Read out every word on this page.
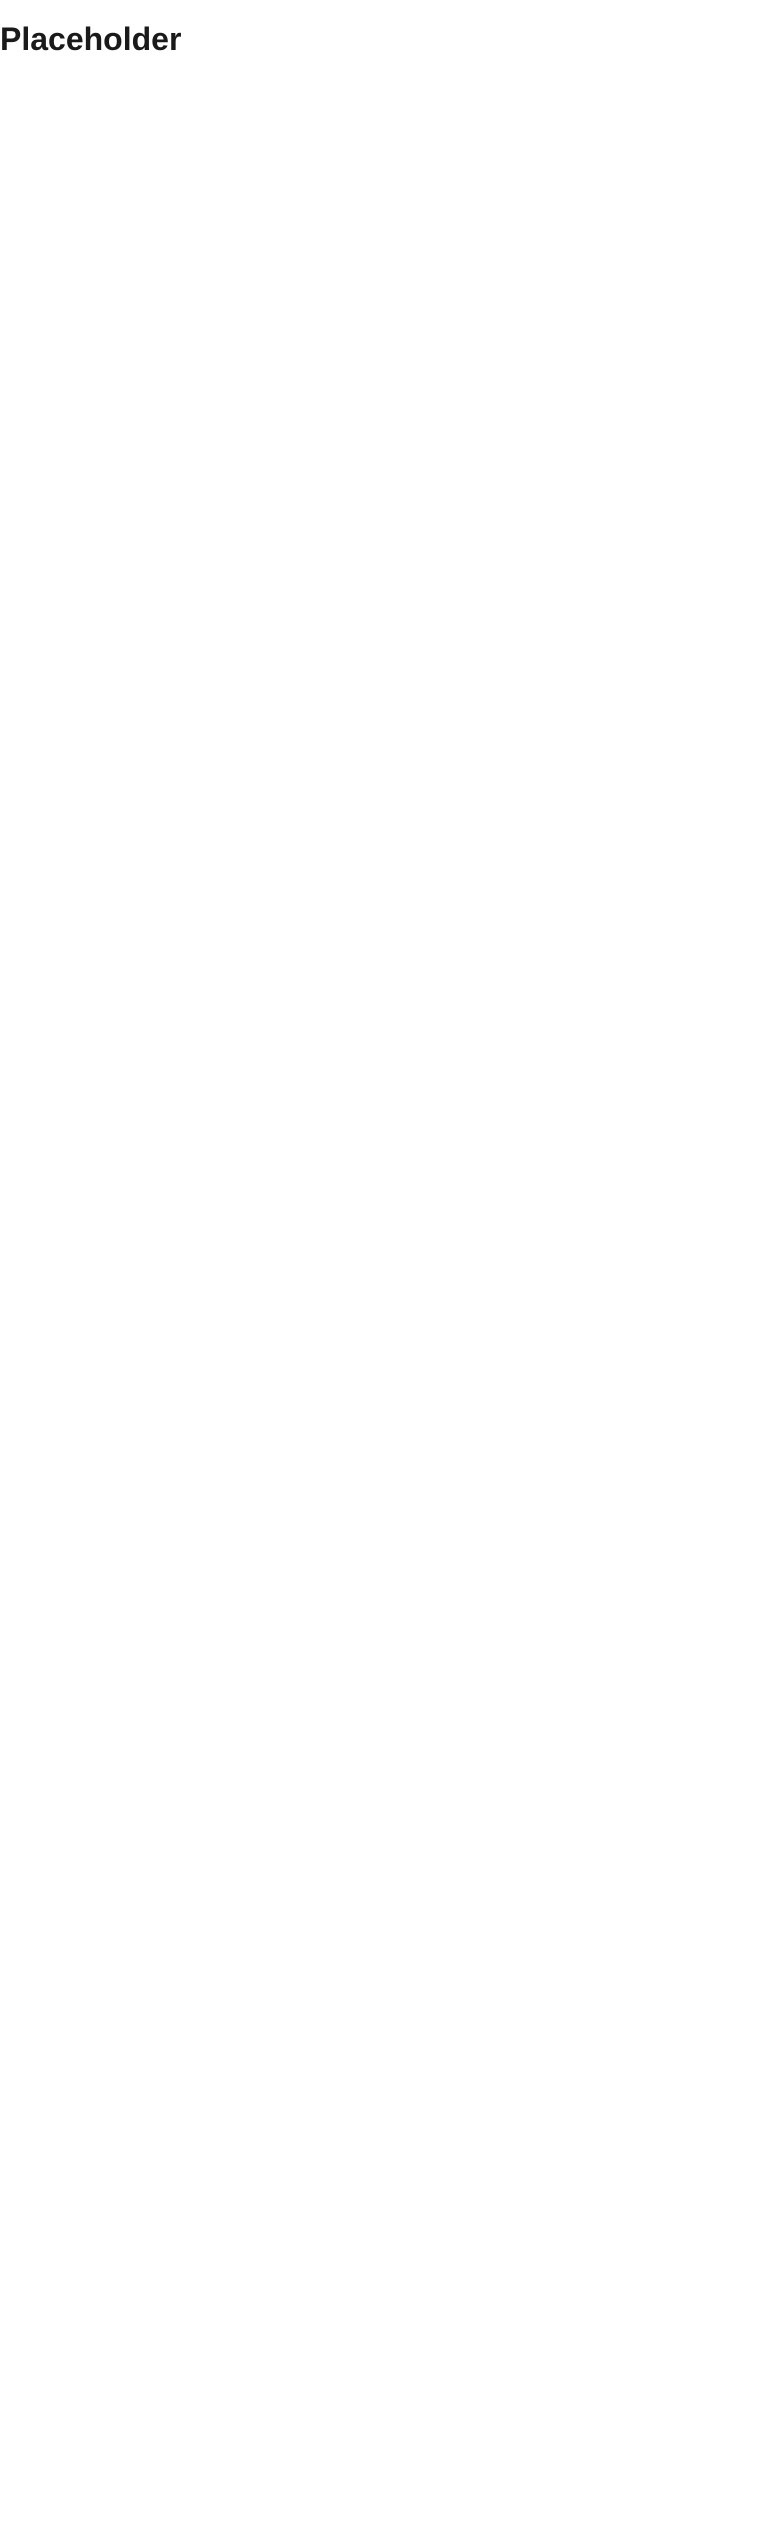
Placeholder
